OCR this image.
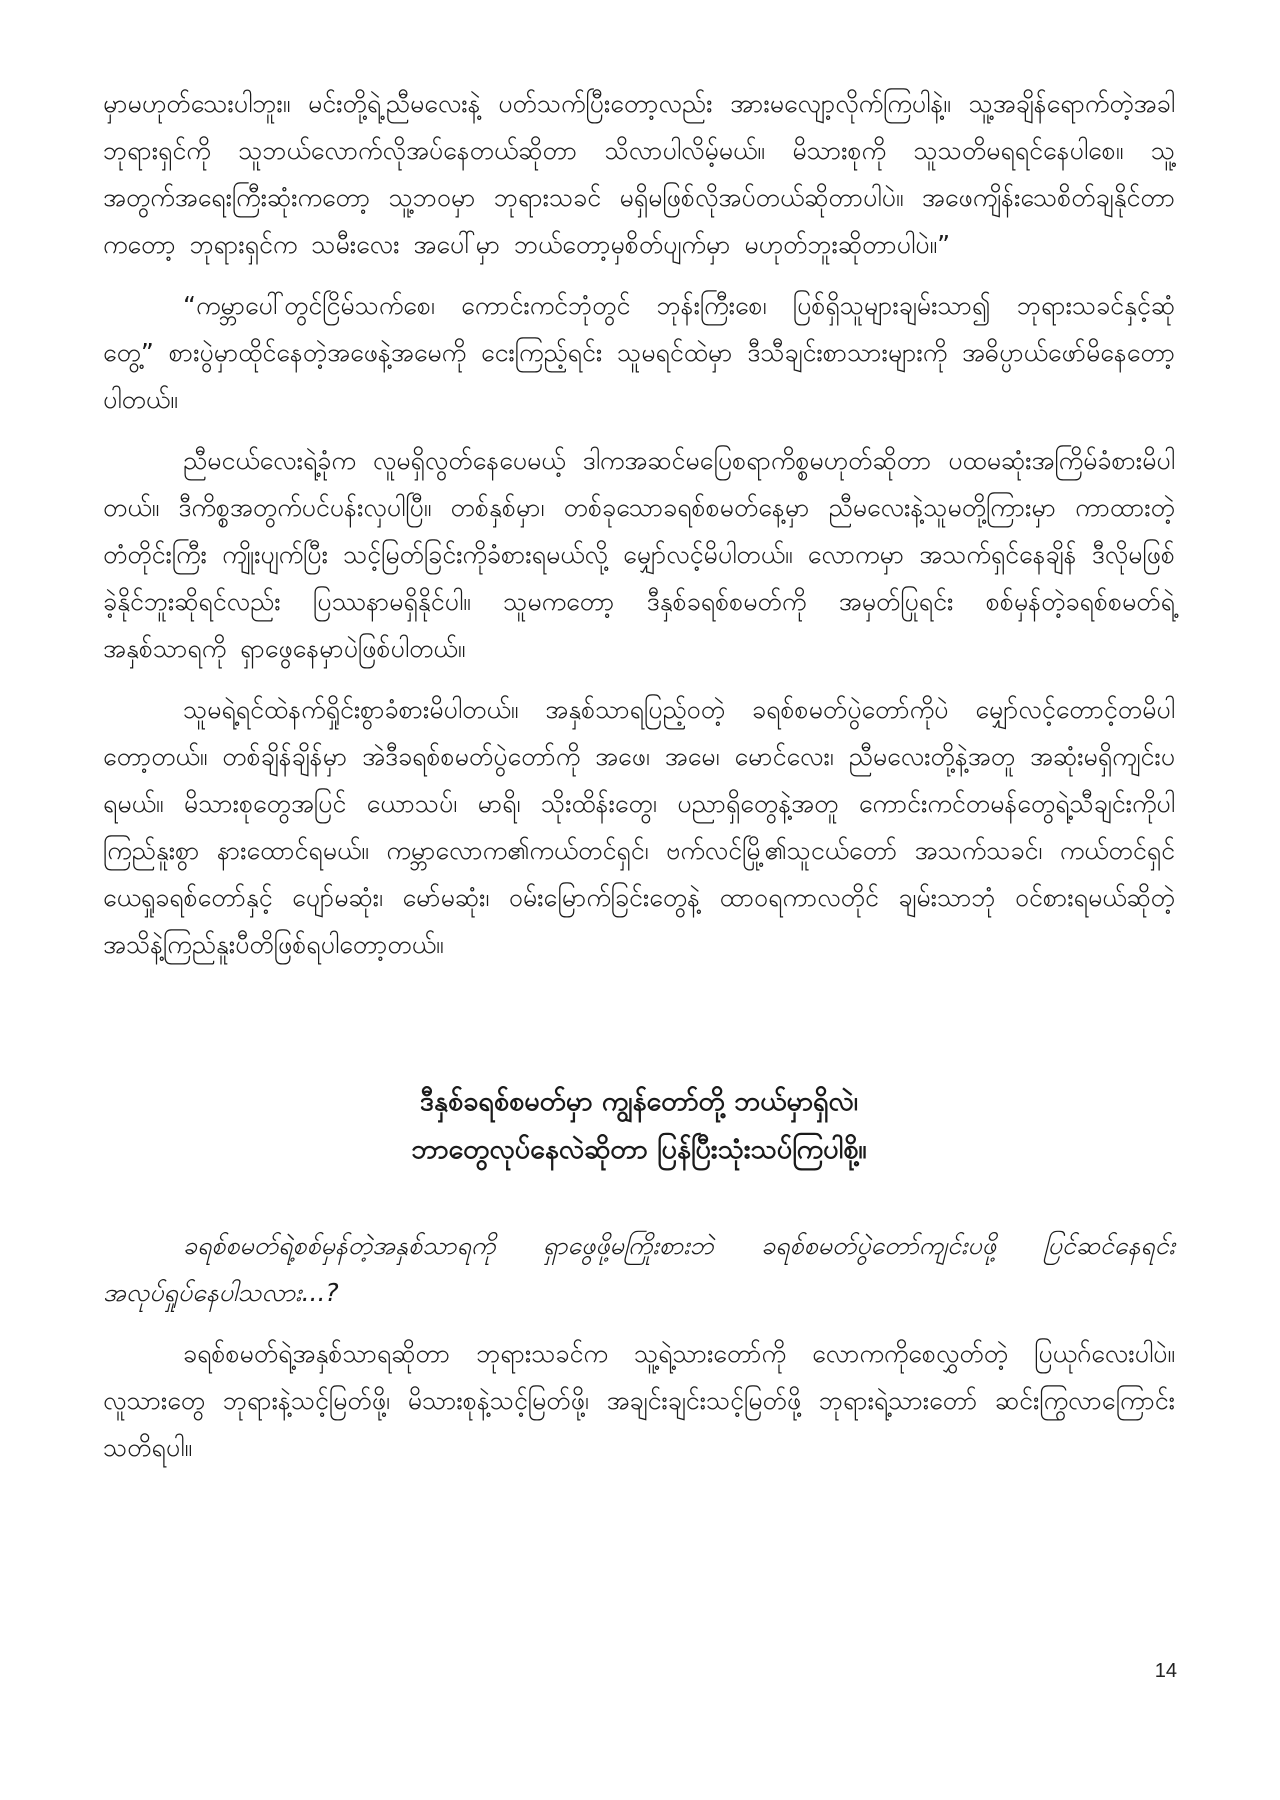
မှာမဟုတ်သေးပါဘူး။ မင်းတို့ရဲ့ညီမလေးနဲ့ ပတ်သက်ပြီးတော့လည်း အားမလျော့လိုက်ကြပါနဲ့။ သူ့အချိန်ရောက်တဲ့အခါ ဘုရားရှင်ကို သူဘယ်လောက်လိုအပ်နေတယ်ဆိုတာ သိလာပါလိမ့်မယ်။ မိသားစုကို သူသတိမရရင်နေပါစေ။ သူ့အတွက်အရေးကြီးဆုံးကတော့ သူ့ဘဝမှာ ဘုရားသခင် မရှိမဖြစ်လိုအပ်တယ်ဆိုတာပါပဲ။ အဖေကျိန်းသေစိတ်ချနိုင်တာကတော့ ဘုရားရှင်က သမီးလေး အပေါ်မှာ ဘယ်တော့မှစိတ်ပျက်မှာ မဟုတ်ဘူးဆိုတာပါပဲ။”

“ကမ္ဘာပေါ်တွင်ငြိမ်သက်စေ၊ ကောင်းကင်ဘုံတွင် ဘုန်းကြီးစေ၊ ပြစ်ရှိသူများချမ်းသာ၍ ဘုရားသခင်နှင့်ဆုံတွေ့” စားပွဲမှာထိုင်နေတဲ့အဖေနဲ့အမေကို ငေးကြည့်ရင်း သူမရင်ထဲမှာ ဒီသီချင်းစာသားများကို အဓိပ္ပာယ်ဖော်မိနေတော့ပါတယ်။

ညီမငယ်လေးရဲ့ခုံက လူမရှိလွတ်နေပေမယ့် ဒါကအဆင်မပြေစရာကိစ္စမဟုတ်ဆိုတာ ပထမဆုံးအကြိမ်ခံစားမိပါတယ်။ ဒီကိစ္စအတွက်ပင်ပန်းလှပါပြီ။ တစ်နှစ်မှာ၊ တစ်ခုသောခရစ်စမတ်နေ့မှာ ညီမလေးနဲ့သူမတို့ကြားမှာ ကာထားတဲ့တံတိုင်းကြီး ကျိုးပျက်ပြီး သင့်မြတ်ခြင်းကိုခံစားရမယ်လို့ မျှော်လင့်မိပါတယ်။ လောကမှာ အသက်ရှင်နေချိန် ဒီလိုမဖြစ်ခဲ့နိုင်ဘူးဆိုရင်လည်း ပြဿနာမရှိနိုင်ပါ။ သူမကတော့ ဒီနှစ်ခရစ်စမတ်ကို အမှတ်ပြုရင်း စစ်မှန်တဲ့ခရစ်စမတ်ရဲ့အနှစ်သာရကို ရှာဖွေနေမှာပဲဖြစ်ပါတယ်။

သူမရဲ့ရင်ထဲနက်ရှိုင်းစွာခံစားမိပါတယ်။ အနှစ်သာရပြည့်ဝတဲ့ ခရစ်စမတ်ပွဲတော်ကိုပဲ မျှော်လင့်တောင့်တမိပါတော့တယ်။ တစ်ချိန်ချိန်မှာ အဲဒီခရစ်စမတ်ပွဲတော်ကို အဖေ၊ အမေ၊ မောင်လေး၊ ညီမလေးတို့နဲ့အတူ အဆုံးမရှိကျင်းပရမယ်။ မိသားစုတွေအပြင် ယောသပ်၊ မာရိ၊ သိုးထိန်းတွေ၊ ပညာရှိတွေနဲ့အတူ ကောင်းကင်တမန်တွေရဲ့သီချင်းကိုပါ ကြည်နူးစွာ နားထောင်ရမယ်။ ကမ္ဘာလောက၏ကယ်တင်ရှင်၊ ဗက်လင်မြို့၏သူငယ်တော် အသက်သခင်၊ ကယ်တင်ရှင်ယေရှုခရစ်တော်နှင့် ပျော်မဆုံး၊ မော်မဆုံး၊ ဝမ်းမြောက်ခြင်းတွေနဲ့ ထာဝရကာလတိုင် ချမ်းသာဘုံ ဝင်စားရမယ်ဆိုတဲ့ အသိနဲ့ကြည်နူးပီတိဖြစ်ရပါတော့တယ်။

ဒီနှစ်ခရစ်စမတ်မှာ ကျွန်တော်တို့ ဘယ်မှာရှိလဲ၊
ဘာတွေလုပ်နေလဲဆိုတာ ပြန်ပြီးသုံးသပ်ကြပါစို့။

ခရစ်စမတ်ရဲ့စစ်မှန်တဲ့အနှစ်သာရကို ရှာဖွေဖို့မကြိုးစားဘဲ ခရစ်စမတ်ပွဲတော်ကျင်းပဖို့ ပြင်ဆင်နေရင်း အလုပ်ရှုပ်နေပါသလား...?

ခရစ်စမတ်ရဲ့အနှစ်သာရဆိုတာ ဘုရားသခင်က သူ့ရဲ့သားတော်ကို လောကကိုစေလွှတ်တဲ့ ပြယုဂ်လေးပါပဲ။ လူသားတွေ ဘုရားနဲ့သင့်မြတ်ဖို့၊ မိသားစုနဲ့သင့်မြတ်ဖို့၊ အချင်းချင်းသင့်မြတ်ဖို့ ဘုရားရဲ့သားတော် ဆင်းကြွလာကြောင်းသတိရပါ။

14
